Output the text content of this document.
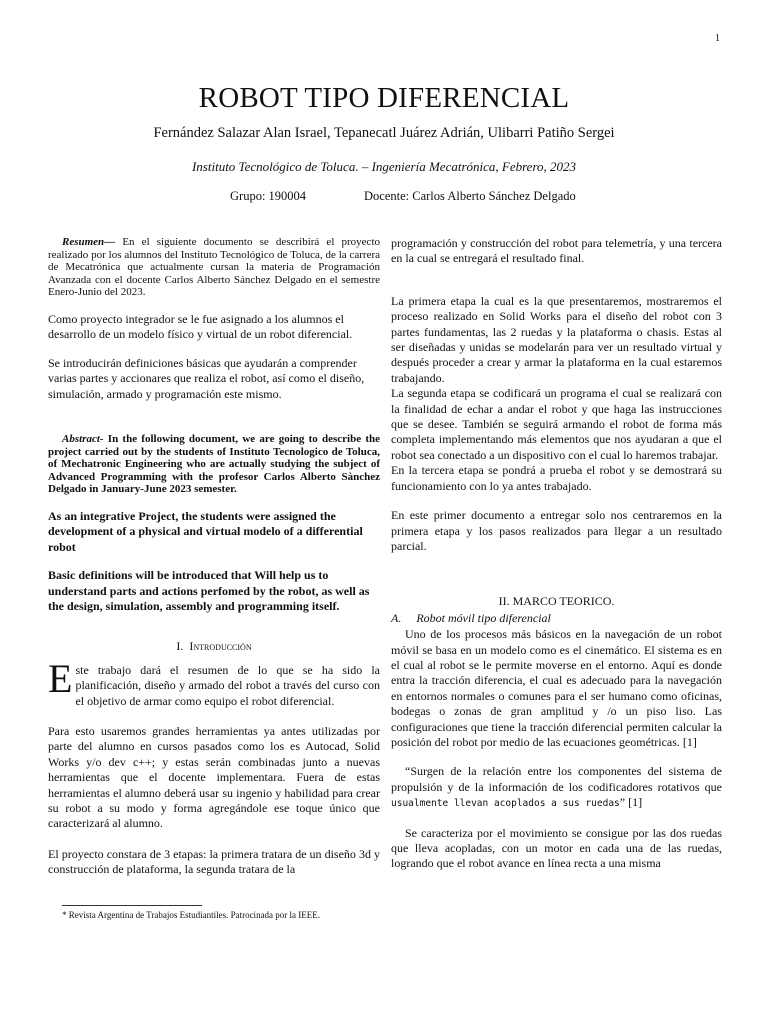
1
ROBOT TIPO DIFERENCIAL
Fernández Salazar Alan Israel, Tepanecatl Juárez Adrián, Ulibarri Patiño Sergei
Instituto Tecnológico de Toluca. – Ingeniería Mecatrónica, Febrero, 2023
Grupo: 190004	Docente: Carlos Alberto Sánchez Delgado

Resumen— En el siguiente documento se describirá el proyecto realizado por los alumnos del Instituto Tecnológico de Toluca, de la carrera de Mecatrónica que actualmente cursan la materia de Programación Avanzada con el docente Carlos Alberto Sánchez Delgado en el semestre Enero-Junio del 2023.

Como proyecto integrador se le fue asignado a los alumnos el desarrollo de un modelo físico y virtual de un robot diferencial.

Se introducirán definiciones básicas que ayudarán a comprender varias partes y accionares que realiza el robot, así como el diseño, simulación, armado y programación este mismo.

Abstract- In the following document, we are going to describe the project carried out by the students of Instituto Tecnologico de Toluca, of Mechatronic Engineering who are actually studying the subject of Advanced Programming with the profesor Carlos Alberto Sànchez Delgado in January-June 2023 semester.

As an integrative Project, the students were assigned the development of a physical and virtual modelo of a differential robot

Basic definitions will be introduced that Will help us to understand parts and actions perfomed by the robot, as well as the design, simulation, assembly and programming itself.

I. Introducción

Este trabajo dará el resumen de lo que se ha sido la planificación, diseño y armado del robot a través del curso con el objetivo de armar como equipo el robot diferencial.

Para esto usaremos grandes herramientas ya antes utilizadas por parte del alumno en cursos pasados como los es Autocad, Solid Works y/o dev c++; y estas serán combinadas junto a nuevas herramientas que el docente implementara. Fuera de estas herramientas el alumno deberá usar su ingenio y habilidad para crear su robot a su modo y forma agregándole ese toque único que caracterizará al alumno.

El proyecto constara de 3 etapas: la primera tratara de un diseño 3d y construcción de plataforma, la segunda tratara de la

programación y construcción del robot para telemetría, y una tercera en la cual se entregará el resultado final.

La primera etapa la cual es la que presentaremos, mostraremos el proceso realizado en Solid Works para el diseño del robot con 3 partes fundamentas, las 2 ruedas y la plataforma o chasis. Estas al ser diseñadas y unidas se modelarán para ver un resultado virtual y después proceder a crear y armar la plataforma en la cual estaremos trabajando.

La segunda etapa se codificará un programa el cual se realizará con la finalidad de echar a andar el robot y que haga las instrucciones que se desee. También se seguirá armando el robot de forma más completa implementando más elementos que nos ayudaran a que el robot sea conectado a un dispositivo con el cual lo haremos trabajar.

En la tercera etapa se pondrá a prueba el robot y se demostrará su funcionamiento con lo ya antes trabajado.

En este primer documento a entregar solo nos centraremos en la primera etapa y los pasos realizados para llegar a un resultado parcial.

II. MARCO TEORICO.

A. Robot móvil tipo diferencial

Uno de los procesos más básicos en la navegación de un robot móvil se basa en un modelo como es el cinemático. El sistema es en el cual al robot se le permite moverse en el entorno. Aquí es donde entra la tracción diferencia, el cual es adecuado para la navegación en entornos normales o comunes para el ser humano como oficinas, bodegas o zonas de gran amplitud y /o un piso liso. Las configuraciones que tiene la tracción diferencial permiten calcular la posición del robot por medio de las ecuaciones geométricas. [1]

“Surgen de la relación entre los componentes del sistema de propulsión y de la información de los codificadores rotativos que usualmente llevan acoplados a sus ruedas” [1]

Se caracteriza por el movimiento se consigue por las dos ruedas que lleva acopladas, con un motor en cada una de las ruedas, logrando que el robot avance en línea recta a una misma

* Revista Argentina de Trabajos Estudiantiles. Patrocinada por la IEEE.
